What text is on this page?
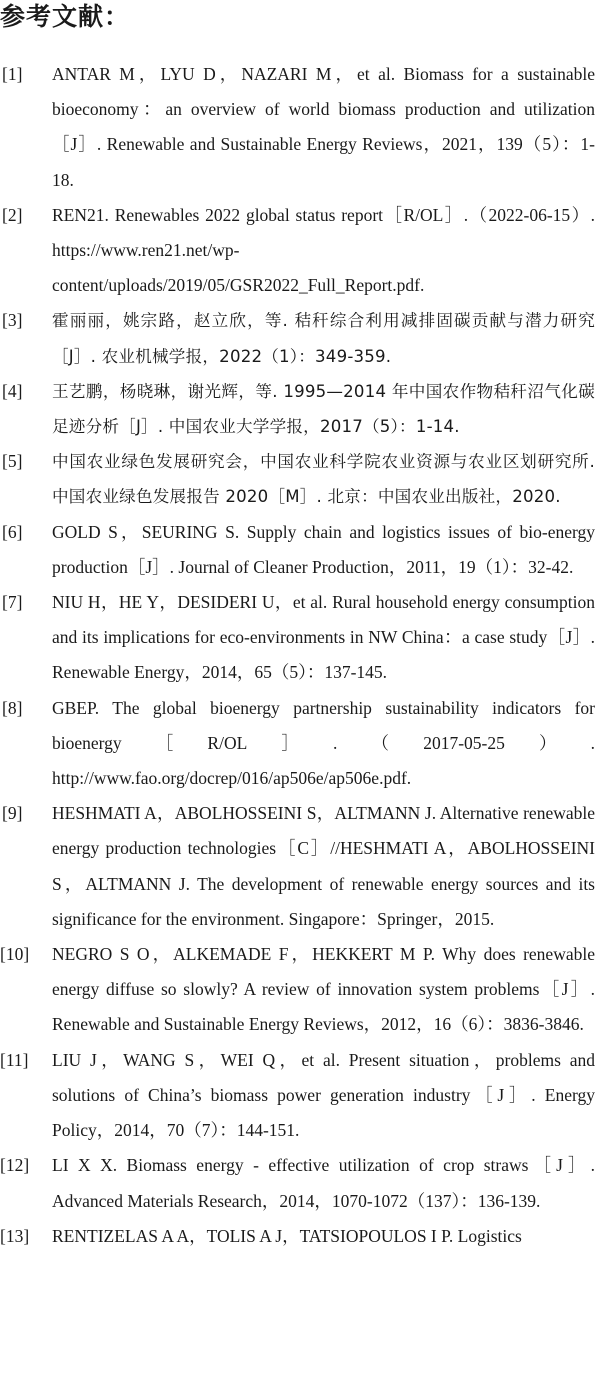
参考文献：
[1] ANTAR M，LYU D，NAZARI M，et al. Biomass for a sustainable bioeconomy：an overview of world biomass production and utilization［J］. Renewable and Sustainable Energy Reviews，2021，139（5）：1-18.
[2] REN21. Renewables 2022 global status report［R/OL］.（2022-06-15）. https://www.ren21.net/wp-content/uploads/2019/05/GSR2022_Full_Report.pdf.
[3] 霍丽丽，姚宗路，赵立欣，等. 秸秆综合利用减排固碳贡献与潜力研究［J］. 农业机械学报，2022（1）：349-359.
[4] 王艺鹏，杨晓琳，谢光辉，等. 1995—2014 年中国农作物秸秆沼气化碳足迹分析［J］. 中国农业大学学报，2017（5）：1-14.
[5] 中国农业绿色发展研究会，中国农业科学院农业资源与农业区划研究所. 中国农业绿色发展报告 2020［M］. 北京：中国农业出版社，2020.
[6] GOLD S，SEURING S. Supply chain and logistics issues of bio-energy production［J］. Journal of Cleaner Production，2011，19（1）：32-42.
[7] NIU H，HE Y，DESIDERI U，et al. Rural household energy consumption and its implications for eco-environments in NW China：a case study［J］. Renewable Energy，2014，65（5）：137-145.
[8] GBEP. The global bioenergy partnership sustainability indicators for bioenergy［R/OL］.（2017-05-25）. http://www.fao.org/docrep/016/ap506e/ap506e.pdf.
[9] HESHMATI A，ABOLHOSSEINI S，ALTMANN J. Alternative renewable energy production technologies［C］//HESHMATI A，ABOLHOSSEINI S，ALTMANN J. The development of renewable energy sources and its significance for the environment. Singapore：Springer，2015.
[10] NEGRO S O，ALKEMADE F，HEKKERT M P. Why does renewable energy diffuse so slowly? A review of innovation system problems［J］. Renewable and Sustainable Energy Reviews，2012，16（6）：3836-3846.
[11] LIU J，WANG S，WEI Q，et al. Present situation，problems and solutions of China’s biomass power generation industry［J］. Energy Policy，2014，70（7）：144-151.
[12] LI X X. Biomass energy - effective utilization of crop straws［J］. Advanced Materials Research，2014，1070-1072（137）：136-139.
[13] RENTIZELAS A A，TOLIS A J，TATSIOPOULOS I P. Logistics
